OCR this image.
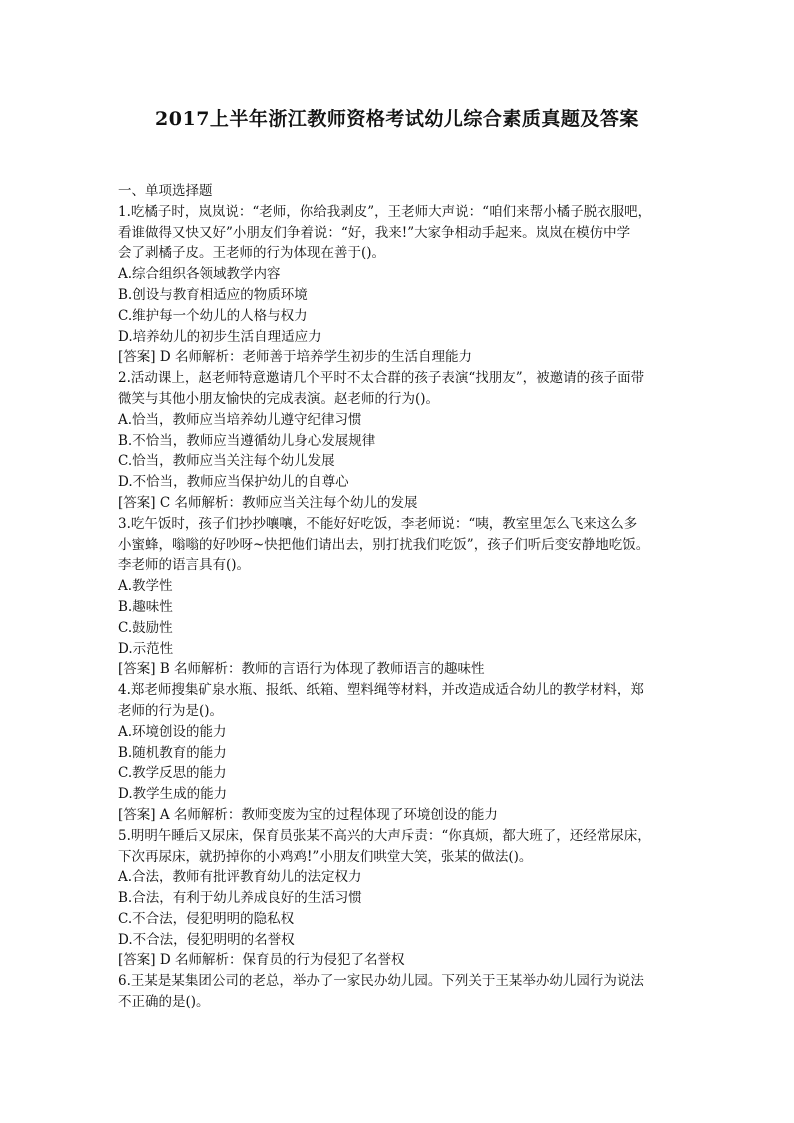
2017上半年浙江教师资格考试幼儿综合素质真题及答案
一、单项选择题
1.吃橘子时，岚岚说：“老师，你给我剥皮”，王老师大声说：“咱们来帮小橘子脱衣服吧，
看谁做得又快又好”小朋友们争着说：“好，我来!”大家争相动手起来。岚岚在模仿中学
会了剥橘子皮。王老师的行为体现在善于()。
A.综合组织各领域教学内容
B.创设与教育相适应的物质环境
C.维护每一个幼儿的人格与权力
D.培养幼儿的初步生活自理适应力
[答案] D 名师解析：老师善于培养学生初步的生活自理能力
2.活动课上，赵老师特意邀请几个平时不太合群的孩子表演“找朋友”，被邀请的孩子面带
微笑与其他小朋友愉快的完成表演。赵老师的行为()。
A.恰当，教师应当培养幼儿遵守纪律习惯
B.不恰当，教师应当遵循幼儿身心发展规律
C.恰当，教师应当关注每个幼儿发展
D.不恰当，教师应当保护幼儿的自尊心
[答案] C 名师解析：教师应当关注每个幼儿的发展
3.吃午饭时，孩子们抄抄嚷嚷，不能好好吃饭，李老师说：“咦，教室里怎么飞来这么多
小蜜蜂，嗡嗡的好吵呀~快把他们请出去，别打扰我们吃饭”，孩子们听后变安静地吃饭。
李老师的语言具有()。
A.教学性
B.趣味性
C.鼓励性
D.示范性
[答案] B 名师解析：教师的言语行为体现了教师语言的趣味性
4.郑老师搜集矿泉水瓶、报纸、纸箱、塑料绳等材料，并改造成适合幼儿的教学材料，郑
老师的行为是()。
A.环境创设的能力
B.随机教育的能力
C.教学反思的能力
D.教学生成的能力
[答案] A 名师解析：教师变废为宝的过程体现了环境创设的能力
5.明明午睡后又尿床，保育员张某不高兴的大声斥责：“你真烦，都大班了，还经常尿床，
下次再尿床，就扔掉你的小鸡鸡!”小朋友们哄堂大笑，张某的做法()。
A.合法，教师有批评教育幼儿的法定权力
B.合法，有利于幼儿养成良好的生活习惯
C.不合法，侵犯明明的隐私权
D.不合法，侵犯明明的名誉权
[答案] D 名师解析：保育员的行为侵犯了名誉权
6.王某是某集团公司的老总，举办了一家民办幼儿园。下列关于王某举办幼儿园行为说法
不正确的是()。
